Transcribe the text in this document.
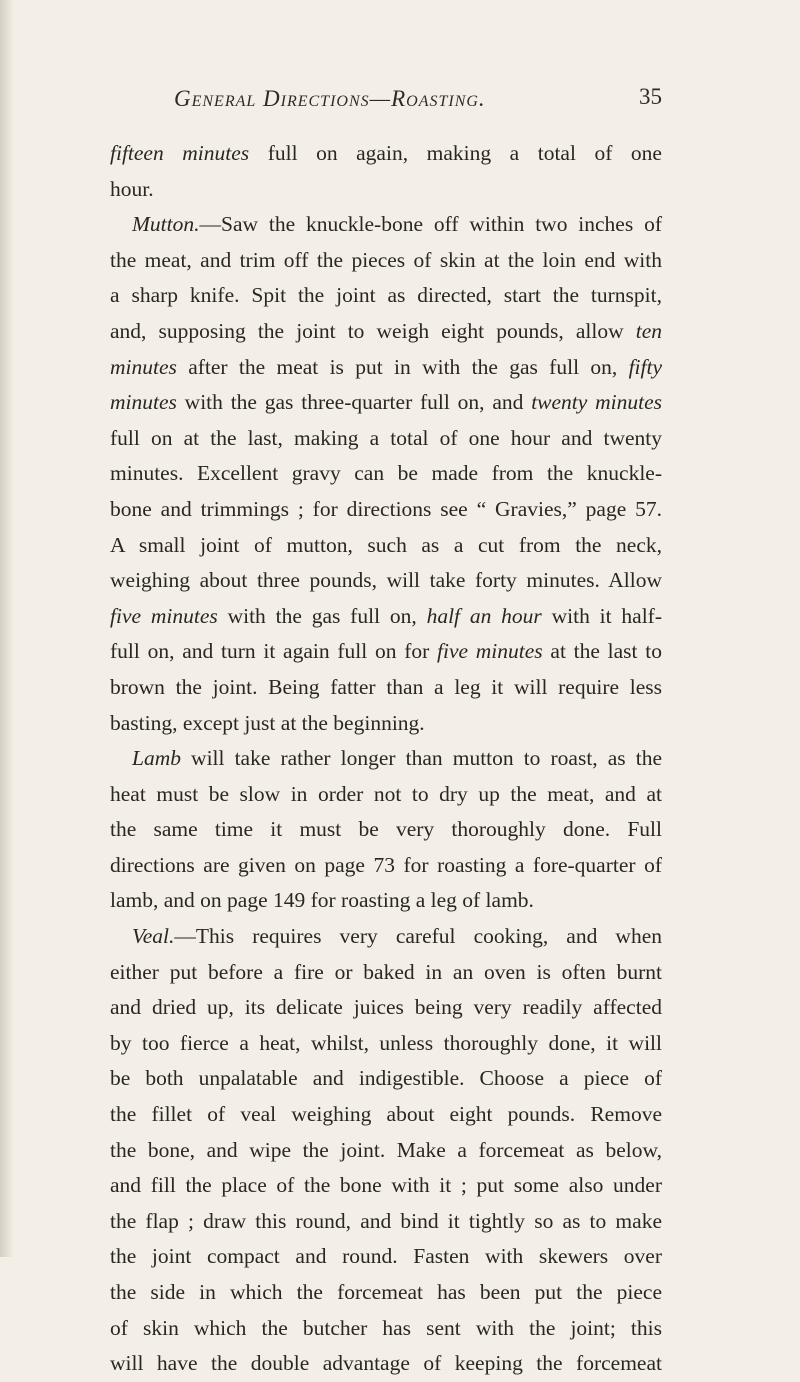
General Directions—Roasting.	35
fifteen minutes full on again, making a total of one
hour.
Mutton.—Saw the knuckle-bone off within two inches of
the meat, and trim off the pieces of skin at the loin end with
a sharp knife. Spit the joint as directed, start the turnspit,
and, supposing the joint to weigh eight pounds, allow ten
minutes after the meat is put in with the gas full on, fifty
minutes with the gas three-quarter full on, and twenty minutes
full on at the last, making a total of one hour and twenty
minutes. Excellent gravy can be made from the knuckle-
bone and trimmings ; for directions see “ Gravies,” page 57.
A small joint of mutton, such as a cut from the neck,
weighing about three pounds, will take forty minutes. Allow
five minutes with the gas full on, half an hour with it half-
full on, and turn it again full on for five minutes at the last to
brown the joint. Being fatter than a leg it will require less
basting, except just at the beginning.
Lamb will take rather longer than mutton to roast, as the
heat must be slow in order not to dry up the meat, and at
the same time it must be very thoroughly done. Full
directions are given on page 73 for roasting a fore-quarter of
lamb, and on page 149 for roasting a leg of lamb.
Veal.—This requires very careful cooking, and when
either put before a fire or baked in an oven is often burnt
and dried up, its delicate juices being very readily affected
by too fierce a heat, whilst, unless thoroughly done, it will
be both unpalatable and indigestible. Choose a piece of
the fillet of veal weighing about eight pounds. Remove
the bone, and wipe the joint. Make a forcemeat as below,
and fill the place of the bone with it ; put some also under
the flap ; draw this round, and bind it tightly so as to make
the joint compact and round. Fasten with skewers over
the side in which the forcemeat has been put the piece
of skin which the butcher has sent with the joint; this
will have the double advantage of keeping the forcemeat
